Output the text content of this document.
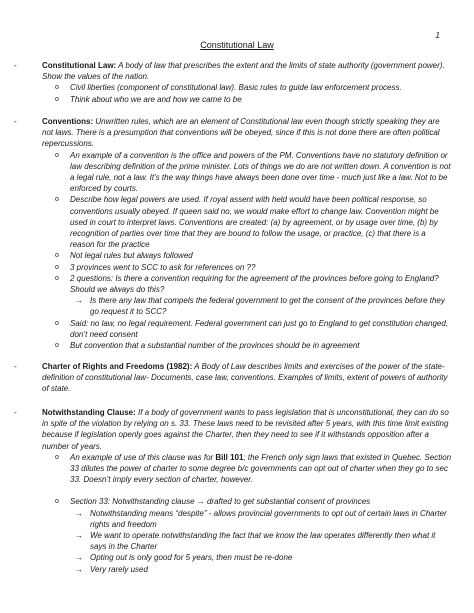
1
Constitutional Law
-	Constitutional Law: A body of law that prescribes the extent and the limits of state authority (government power). Show the values of the nation.
o Civil liberties (component of constitutional law). Basic rules to guide law enforcement process.
o Think about who we are and how we came to be
-	Conventions: Unwritten rules, which are an element of Constitutional law even though strictly speaking they are not laws. There is a presumption that conventions will be obeyed, since if this is not done there are often political repercussions.
o An example of a convention is the office and powers of the PM. Conventions have no statutory definition or law describing definition of the prime minister. Lots of things we do are not written down. A convention is not a legal rule, not a law. It’s the way things have always been done over time - much just like a law. Not to be enforced by courts.
o Describe how legal powers are used. If royal assent with held would have been political response, so conventions usually obeyed. If queen said no, we would make effort to change law. Convention might be used in court to interpret laws. Conventions are created: (a) by agreement, or by usage over time, (b) by recognition of parties over time that they are bound to follow the usage, or practice, (c) that there is a reason for the practice
o Not legal rules but always followed
o 3 provinces went to SCC to ask for references on ??
o 2 questions: Is there a convention requiring for the agreement of the provinces before going to England? Should we always do this?
→ Is there any law that compels the federal government to get the consent of the provinces before they go request it to SCC?
o Said: no law, no legal requirement. Federal government can just go to England to get constitution changed, don’t need consent
o But convention that a substantial number of the provinces should be in agreement
-	Charter of Rights and Freedoms (1982): A Body of Law describes limits and exercises of the power of the state- definition of constitutional law- Documents, case law, conventions. Examples of limits, extent of powers of authority of state.
-	Notwithstanding Clause: If a body of government wants to pass legislation that is unconstitutional, they can do so in spite of the violation by relying on s. 33. These laws need to be revisited after 5 years, with this time limit existing because if legislation openly goes against the Charter, then they need to see if it withstands opposition after a number of years.
o An example of use of this clause was for Bill 101; the French only sign laws that existed in Quebec. Section 33 dilutes the power of charter to some degree b/c governments can opt out of charter when they go to sec 33. Doesn’t imply every section of charter, however.
o Section 33: Notwithstanding clause → drafted to get substantial consent of provinces
→ Notwithstanding means “despite” - allows provincial governments to opt out of certain laws in Charter rights and freedom
→ We want to operate notwithstanding the fact that we know the law operates differently then what it says in the Charter
→ Opting out is only good for 5 years, then must be re-done
→ Very rarely used
